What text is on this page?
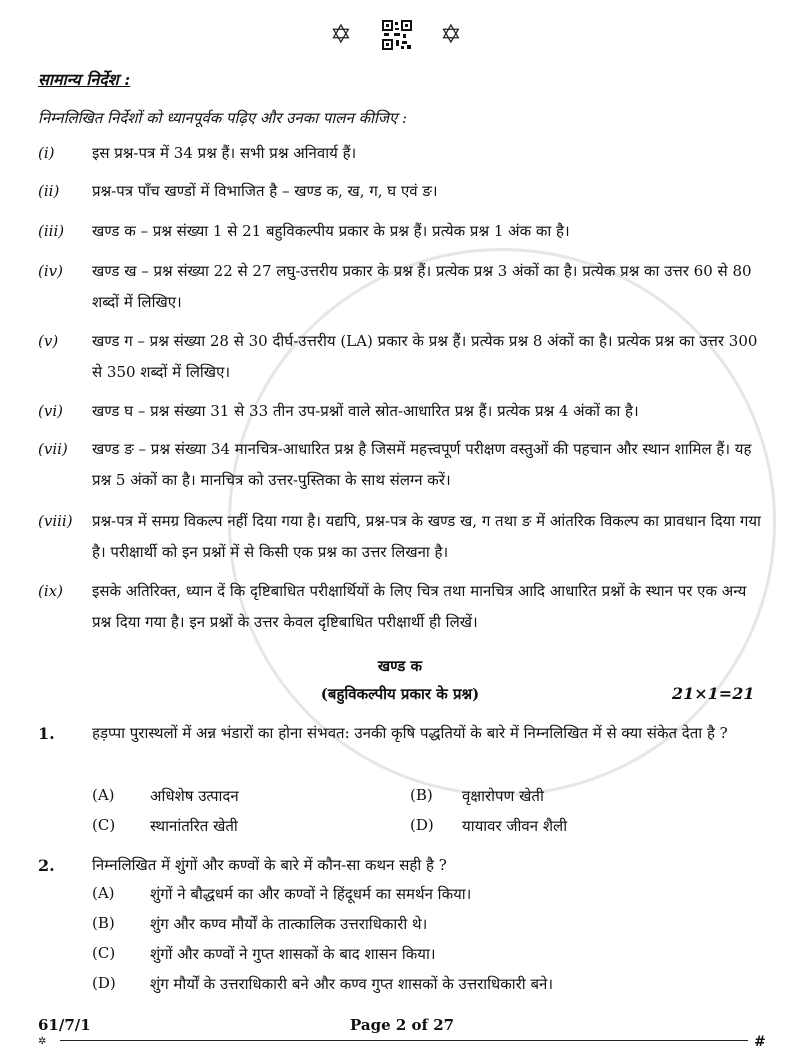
✡	✡
सामान्य निर्देश :
निम्नलिखित निर्देशों को ध्यानपूर्वक पढ़िए और उनका पालन कीजिए :
(i) इस प्रश्न-पत्र में 34 प्रश्न हैं। सभी प्रश्न अनिवार्य हैं।
(ii) प्रश्न-पत्र पाँच खण्डों में विभाजित है – खण्ड क, ख, ग, घ एवं ङ।
(iii) खण्ड क – प्रश्न संख्या 1 से 21 बहुविकल्पीय प्रकार के प्रश्न हैं। प्रत्येक प्रश्न 1 अंक का है।
(iv) खण्ड ख – प्रश्न संख्या 22 से 27 लघु-उत्तरीय प्रकार के प्रश्न हैं। प्रत्येक प्रश्न 3 अंकों का है। प्रत्येक प्रश्न का उत्तर 60 से 80 शब्दों में लिखिए।
(v) खण्ड ग – प्रश्न संख्या 28 से 30 दीर्घ-उत्तरीय (LA) प्रकार के प्रश्न हैं। प्रत्येक प्रश्न 8 अंकों का है। प्रत्येक प्रश्न का उत्तर 300 से 350 शब्दों में लिखिए।
(vi) खण्ड घ – प्रश्न संख्या 31 से 33 तीन उप-प्रश्नों वाले स्रोत-आधारित प्रश्न हैं। प्रत्येक प्रश्न 4 अंकों का है।
(vii) खण्ड ङ – प्रश्न संख्या 34 मानचित्र-आधारित प्रश्न है जिसमें महत्त्वपूर्ण परीक्षण वस्तुओं की पहचान और स्थान शामिल हैं। यह प्रश्न 5 अंकों का है। मानचित्र को उत्तर-पुस्तिका के साथ संलग्न करें।
(viii) प्रश्न-पत्र में समग्र विकल्प नहीं दिया गया है। यद्यपि, प्रश्न-पत्र के खण्ड ख, ग तथा ङ में आंतरिक विकल्प का प्रावधान दिया गया है। परीक्षार्थी को इन प्रश्नों में से किसी एक प्रश्न का उत्तर लिखना है।
(ix) इसके अतिरिक्त, ध्यान दें कि दृष्टिबाधित परीक्षार्थियों के लिए चित्र तथा मानचित्र आदि आधारित प्रश्नों के स्थान पर एक अन्य प्रश्न दिया गया है। इन प्रश्नों के उत्तर केवल दृष्टिबाधित परीक्षार्थी ही लिखें।
खण्ड क
(बहुविकल्पीय प्रकार के प्रश्न)	21×1=21
1. हड़प्पा पुरास्थलों में अन्न भंडारों का होना संभवत: उनकी कृषि पद्धतियों के बारे में निम्नलिखित में से क्या संकेत देता है ?
(A) अधिशेष उत्पादन	(B) वृक्षारोपण खेती
(C) स्थानांतरित खेती	(D) यायावर जीवन शैली
2. निम्नलिखित में शुंगों और कण्वों के बारे में कौन-सा कथन सही है ?
(A) शुंगों ने बौद्धधर्म का और कण्वों ने हिंदूधर्म का समर्थन किया।
(B) शुंग और कण्व मौर्यों के तात्कालिक उत्तराधिकारी थे।
(C) शुंगों और कण्वों ने गुप्त शासकों के बाद शासन किया।
(D) शुंग मौर्यों के उत्तराधिकारी बने और कण्व गुप्त शासकों के उत्तराधिकारी बने।
61/7/1	Page 2 of 27
✲	#
